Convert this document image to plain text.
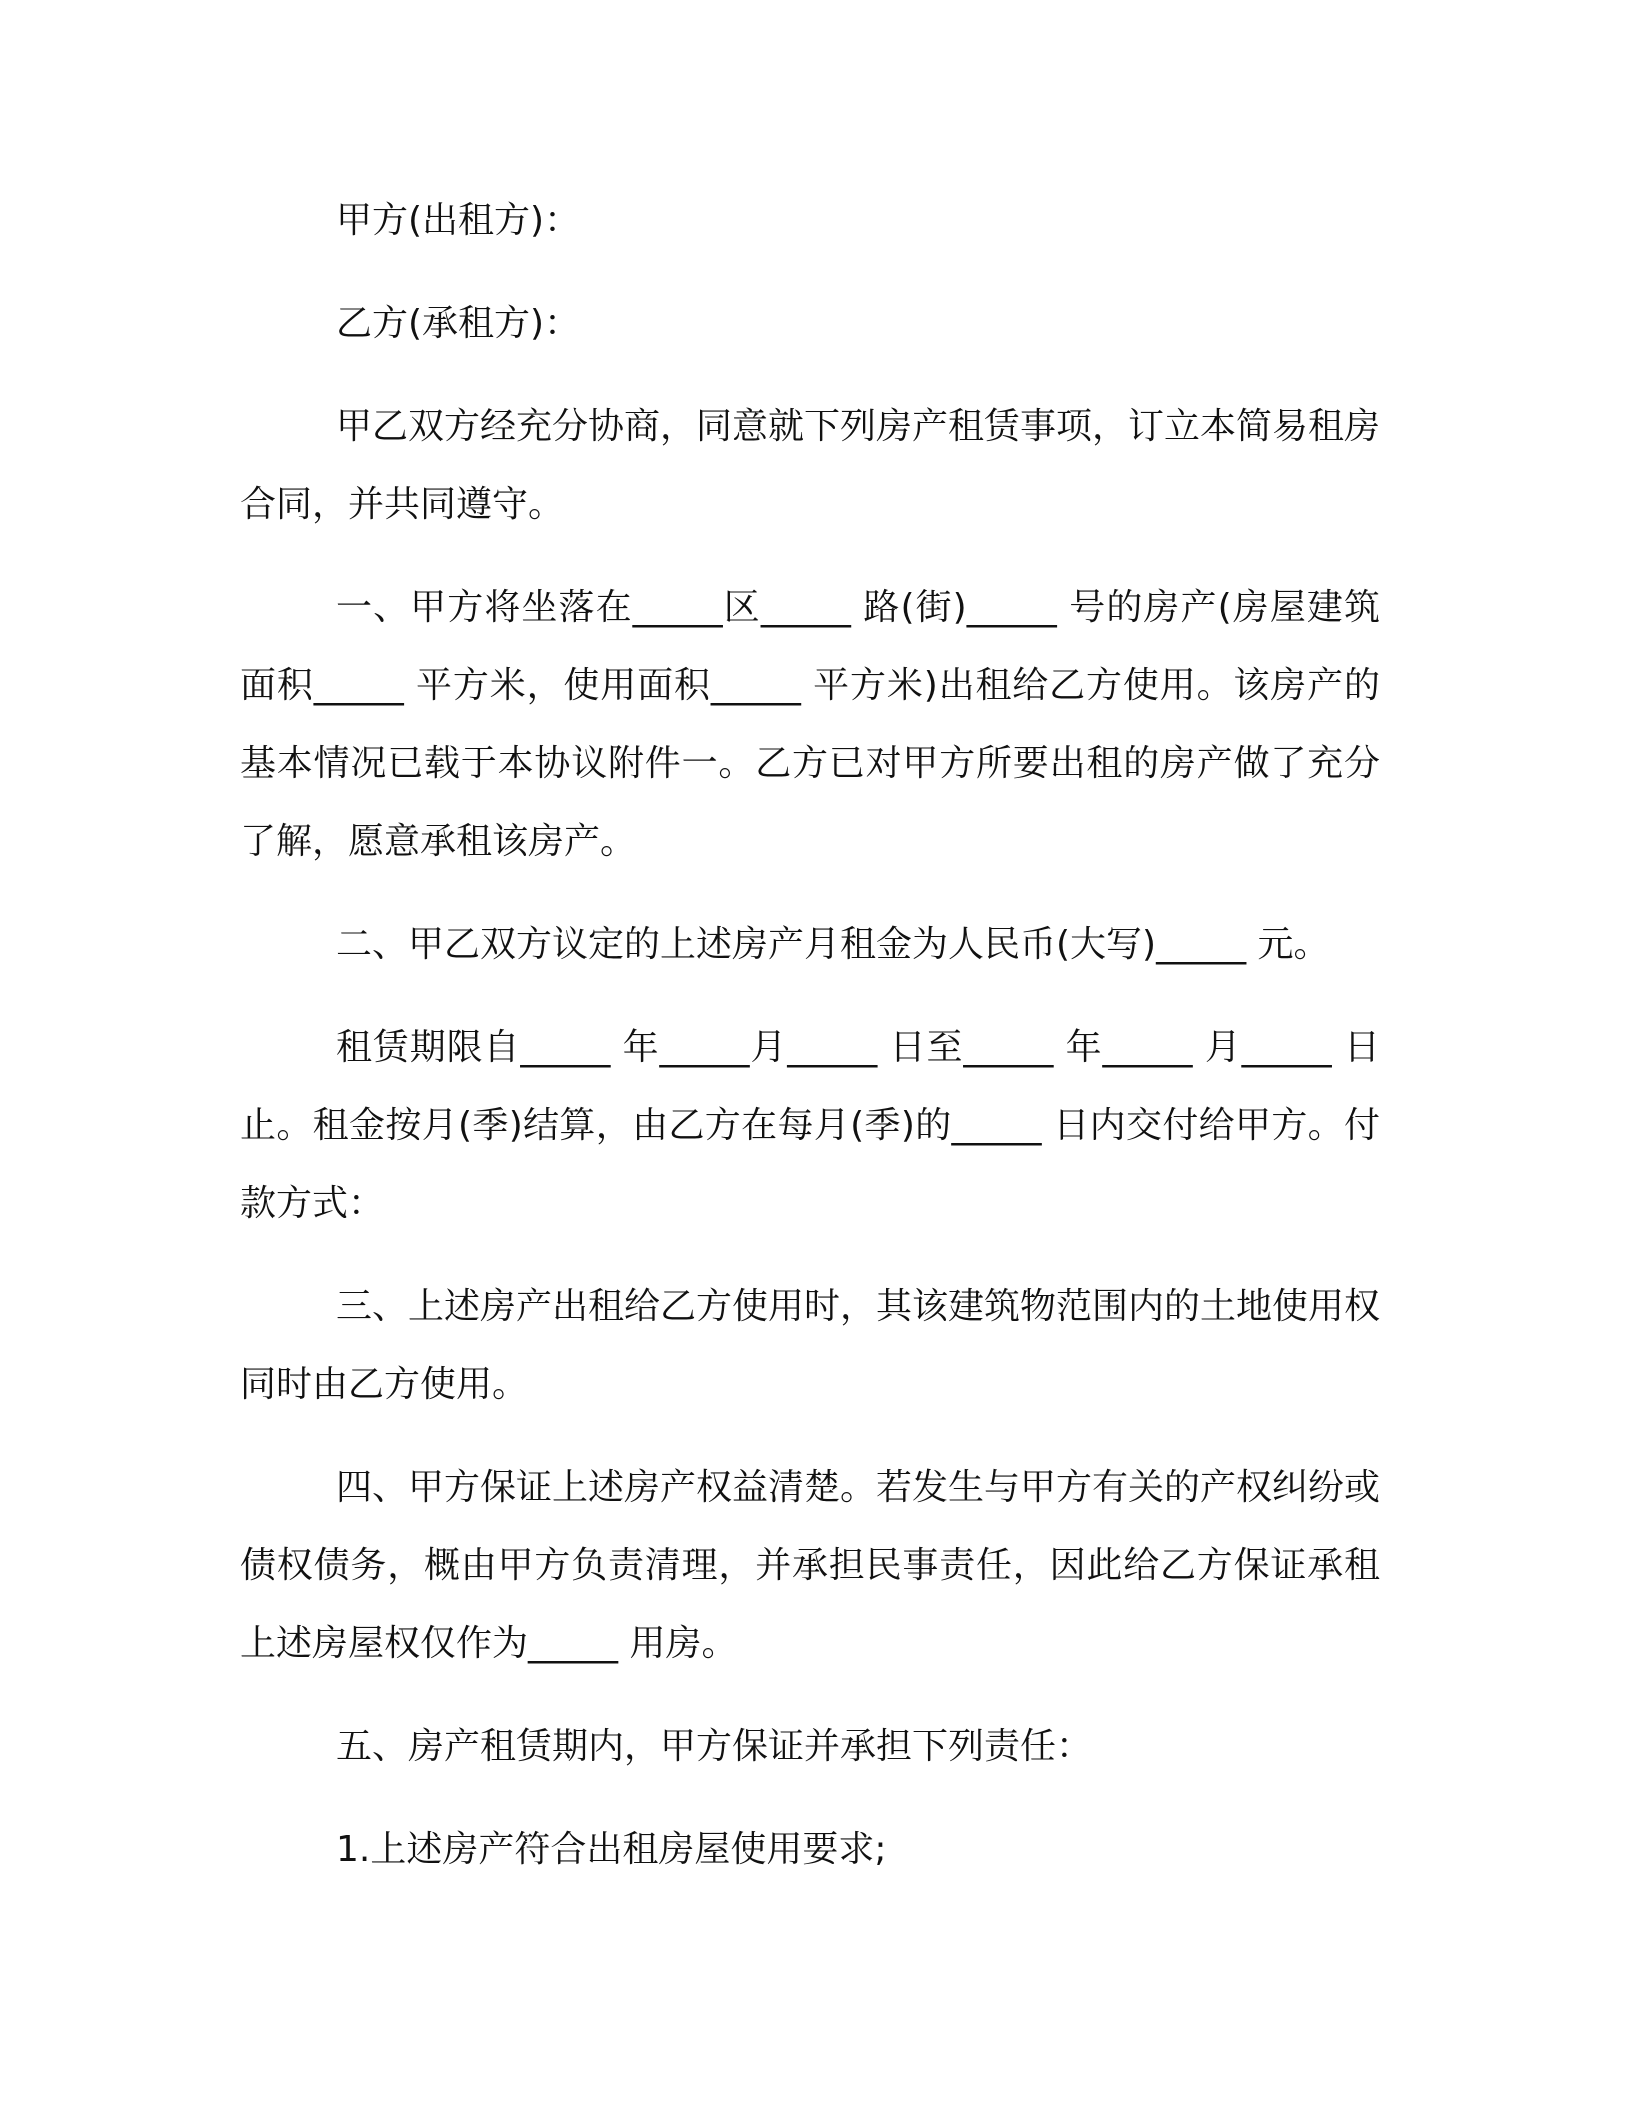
甲方(出租方)：

乙方(承租方)：

甲乙双方经充分协商，同意就下列房产租赁事项，订立本简易租房合同，并共同遵守。

一、甲方将坐落在_____区_____ 路(街)_____ 号的房产(房屋建筑面积_____ 平方米，使用面积_____ 平方米)出租给乙方使用。该房产的基本情况已载于本协议附件一。乙方已对甲方所要出租的房产做了充分了解，愿意承租该房产。

二、甲乙双方议定的上述房产月租金为人民币(大写)_____ 元。

租赁期限自_____ 年_____月_____ 日至_____ 年_____ 月_____ 日止。租金按月(季)结算，由乙方在每月(季)的_____ 日内交付给甲方。付款方式：

三、上述房产出租给乙方使用时，其该建筑物范围内的土地使用权同时由乙方使用。

四、甲方保证上述房产权益清楚。若发生与甲方有关的产权纠纷或债权债务，概由甲方负责清理，并承担民事责任，因此给乙方保证承租上述房屋权仅作为_____ 用房。

五、房产租赁期内，甲方保证并承担下列责任：

1.上述房产符合出租房屋使用要求;
